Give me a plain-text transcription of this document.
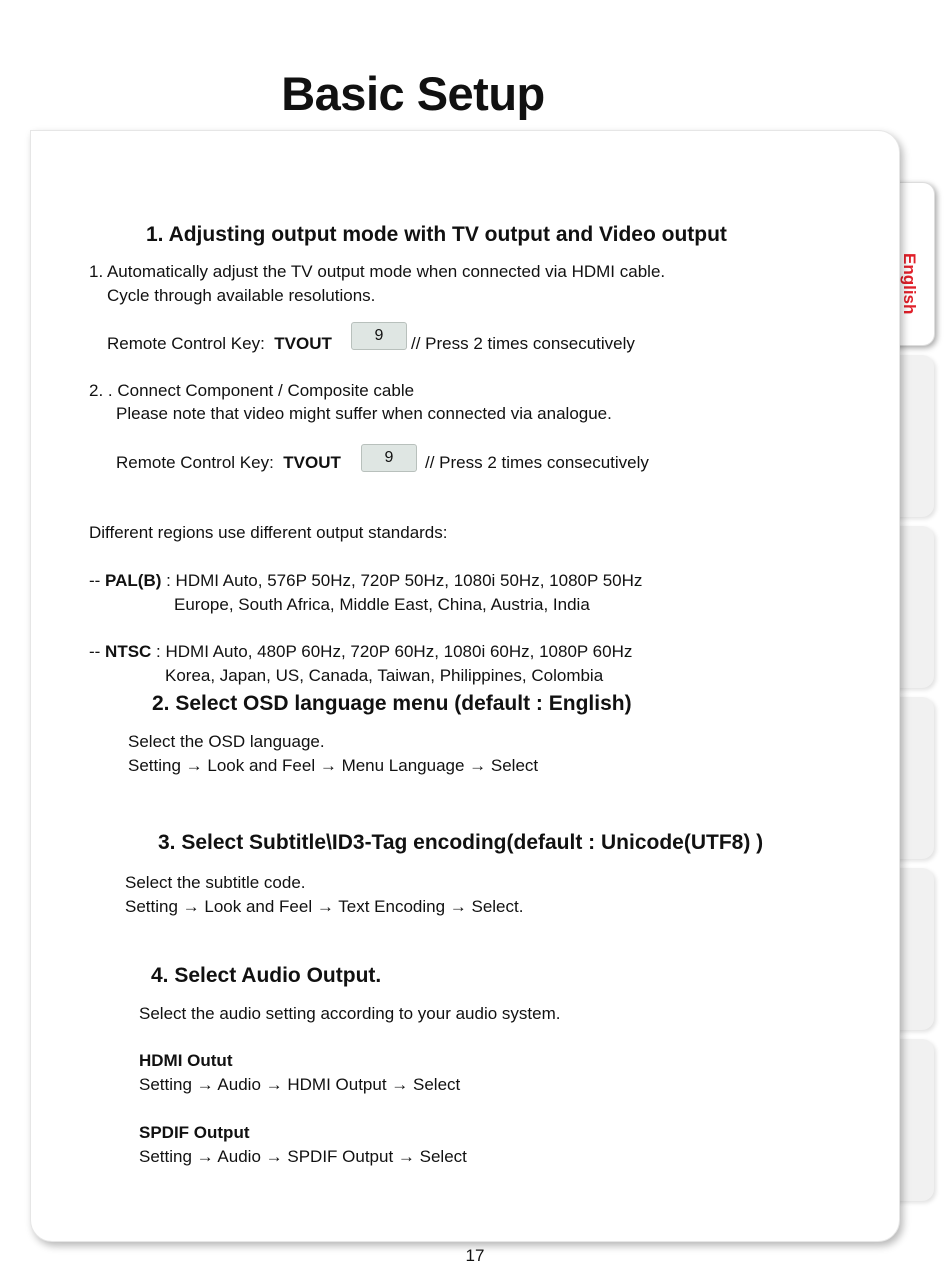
English
Basic Setup
1. Adjusting output mode with TV output and Video output
1. Automatically adjust the TV output mode when connected via HDMI cable.
Cycle through available resolutions.
Remote Control Key: TVOUT	9	// Press 2 times consecutively
2. . Connect Component / Composite cable
Please note that video might suffer when connected via analogue.
Remote Control Key: TVOUT	9	// Press 2 times consecutively
Different regions use different output standards:
-- PAL(B) : HDMI Auto, 576P 50Hz, 720P 50Hz, 1080i 50Hz, 1080P 50Hz
Europe, South Africa, Middle East, China, Austria, India
-- NTSC : HDMI Auto, 480P 60Hz, 720P 60Hz, 1080i 60Hz, 1080P 60Hz
Korea, Japan, US, Canada, Taiwan, Philippines, Colombia
2. Select OSD language menu (default : English)
Select the OSD language.
Setting → Look and Feel → Menu Language → Select
3. Select Subtitle\ID3-Tag encoding(default : Unicode(UTF8) )
Select the subtitle code.
Setting → Look and Feel → Text Encoding → Select.
4. Select Audio Output.
Select the audio setting according to your audio system.
HDMI Outut
Setting → Audio → HDMI Output → Select
SPDIF Output
Setting → Audio → SPDIF Output → Select
17
